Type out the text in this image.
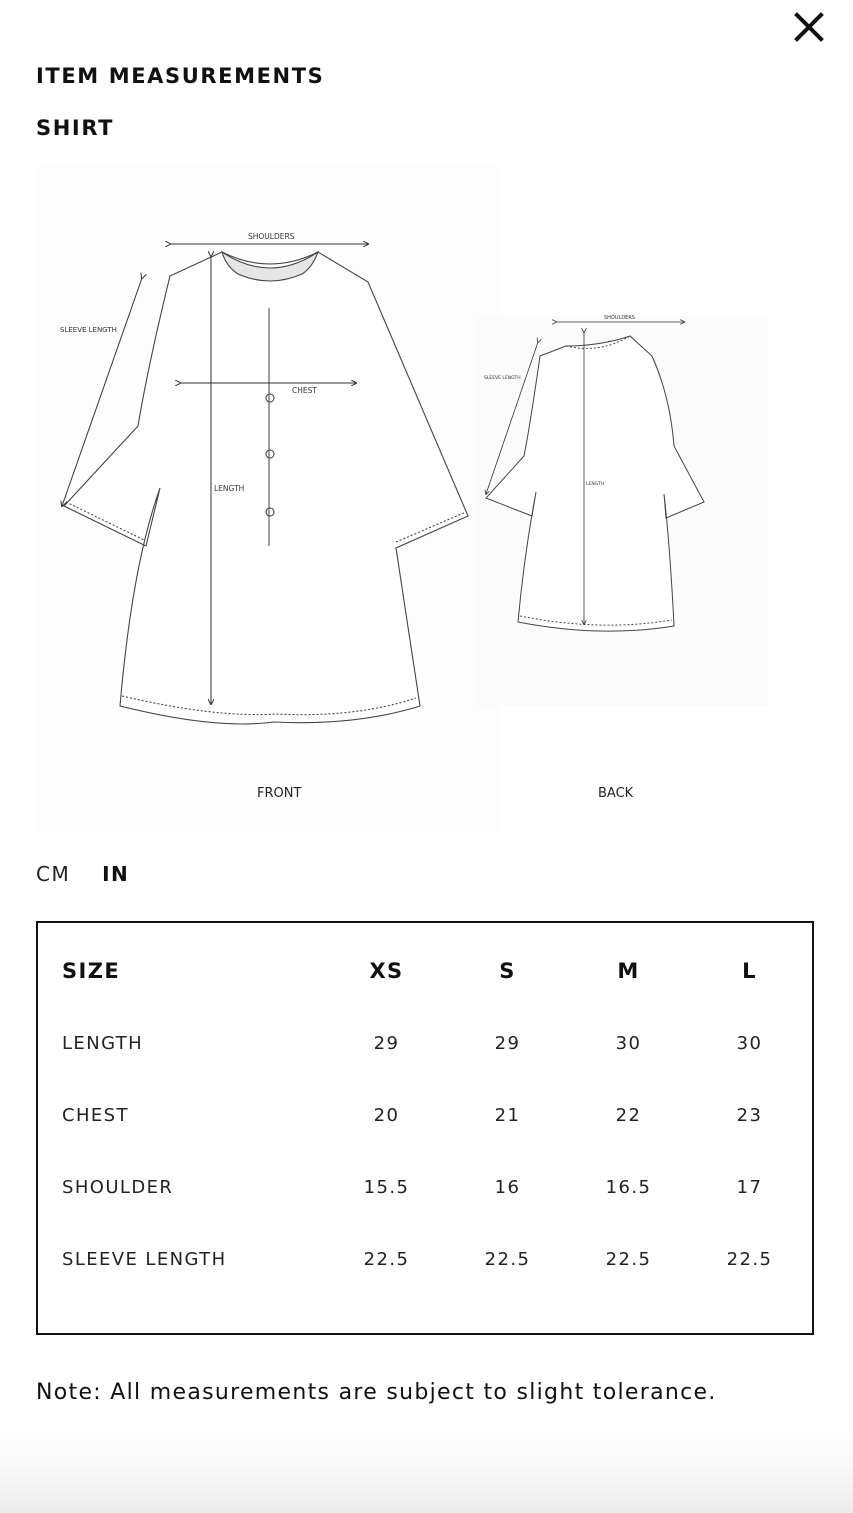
ITEM MEASUREMENTS
SHIRT
SHOULDERS
SLEEVE LENGTH
CHEST
LENGTH
SHOULDERS
SLEEVE LENGTH
LENGTH
FRONT	BACK
CM IN
SIZE	XS	S	M	L
LENGTH	29	29	30	30
CHEST	20	21	22	23
SHOULDER	15.5	16	16.5	17
SLEEVE LENGTH	22.5	22.5	22.5	22.5

Note: All measurements are subject to slight tolerance.
